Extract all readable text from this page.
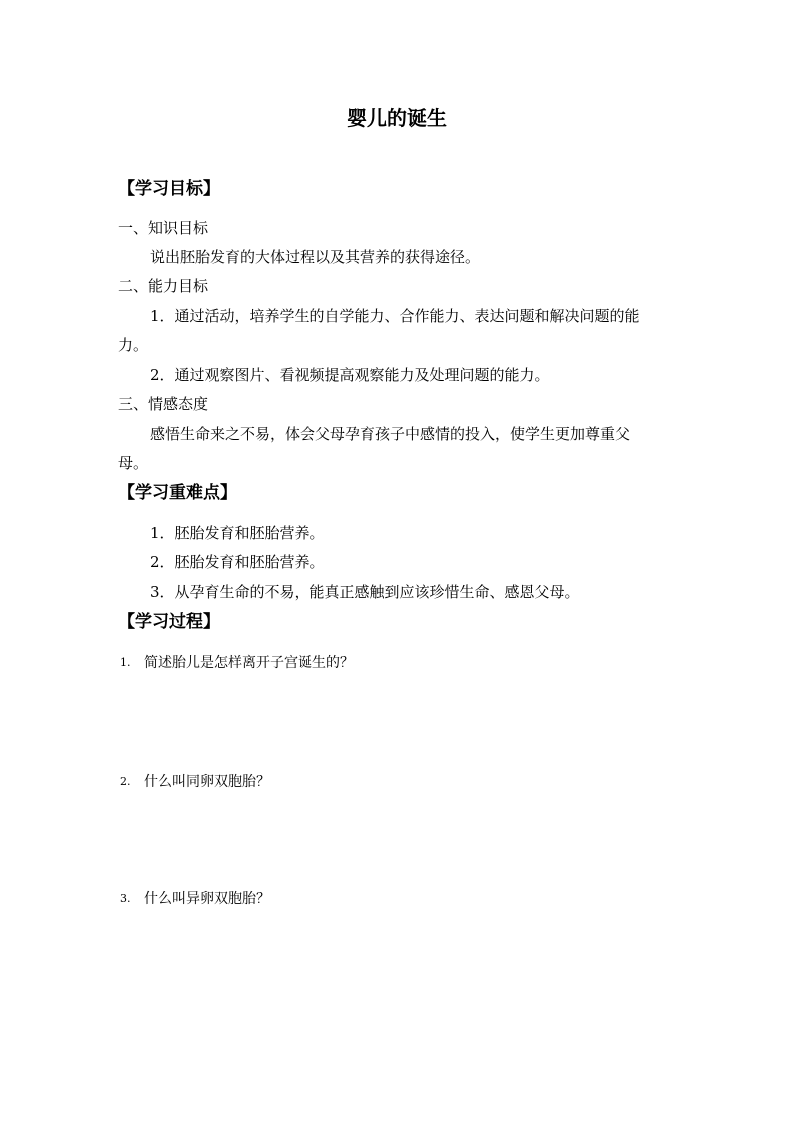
婴儿的诞生
【学习目标】
一、知识目标
说出胚胎发育的大体过程以及其营养的获得途径。
二、能力目标
1．通过活动，培养学生的自学能力、合作能力、表达问题和解决问题的能
力。
2．通过观察图片、看视频提高观察能力及处理问题的能力。
三、情感态度
感悟生命来之不易，体会父母孕育孩子中感情的投入，使学生更加尊重父
母。
【学习重难点】
1．胚胎发育和胚胎营养。
2．胚胎发育和胚胎营养。
3．从孕育生命的不易，能真正感触到应该珍惜生命、感恩父母。
【学习过程】
1. 简述胎儿是怎样离开子宫诞生的？
2. 什么叫同卵双胞胎？
3. 什么叫异卵双胞胎？
